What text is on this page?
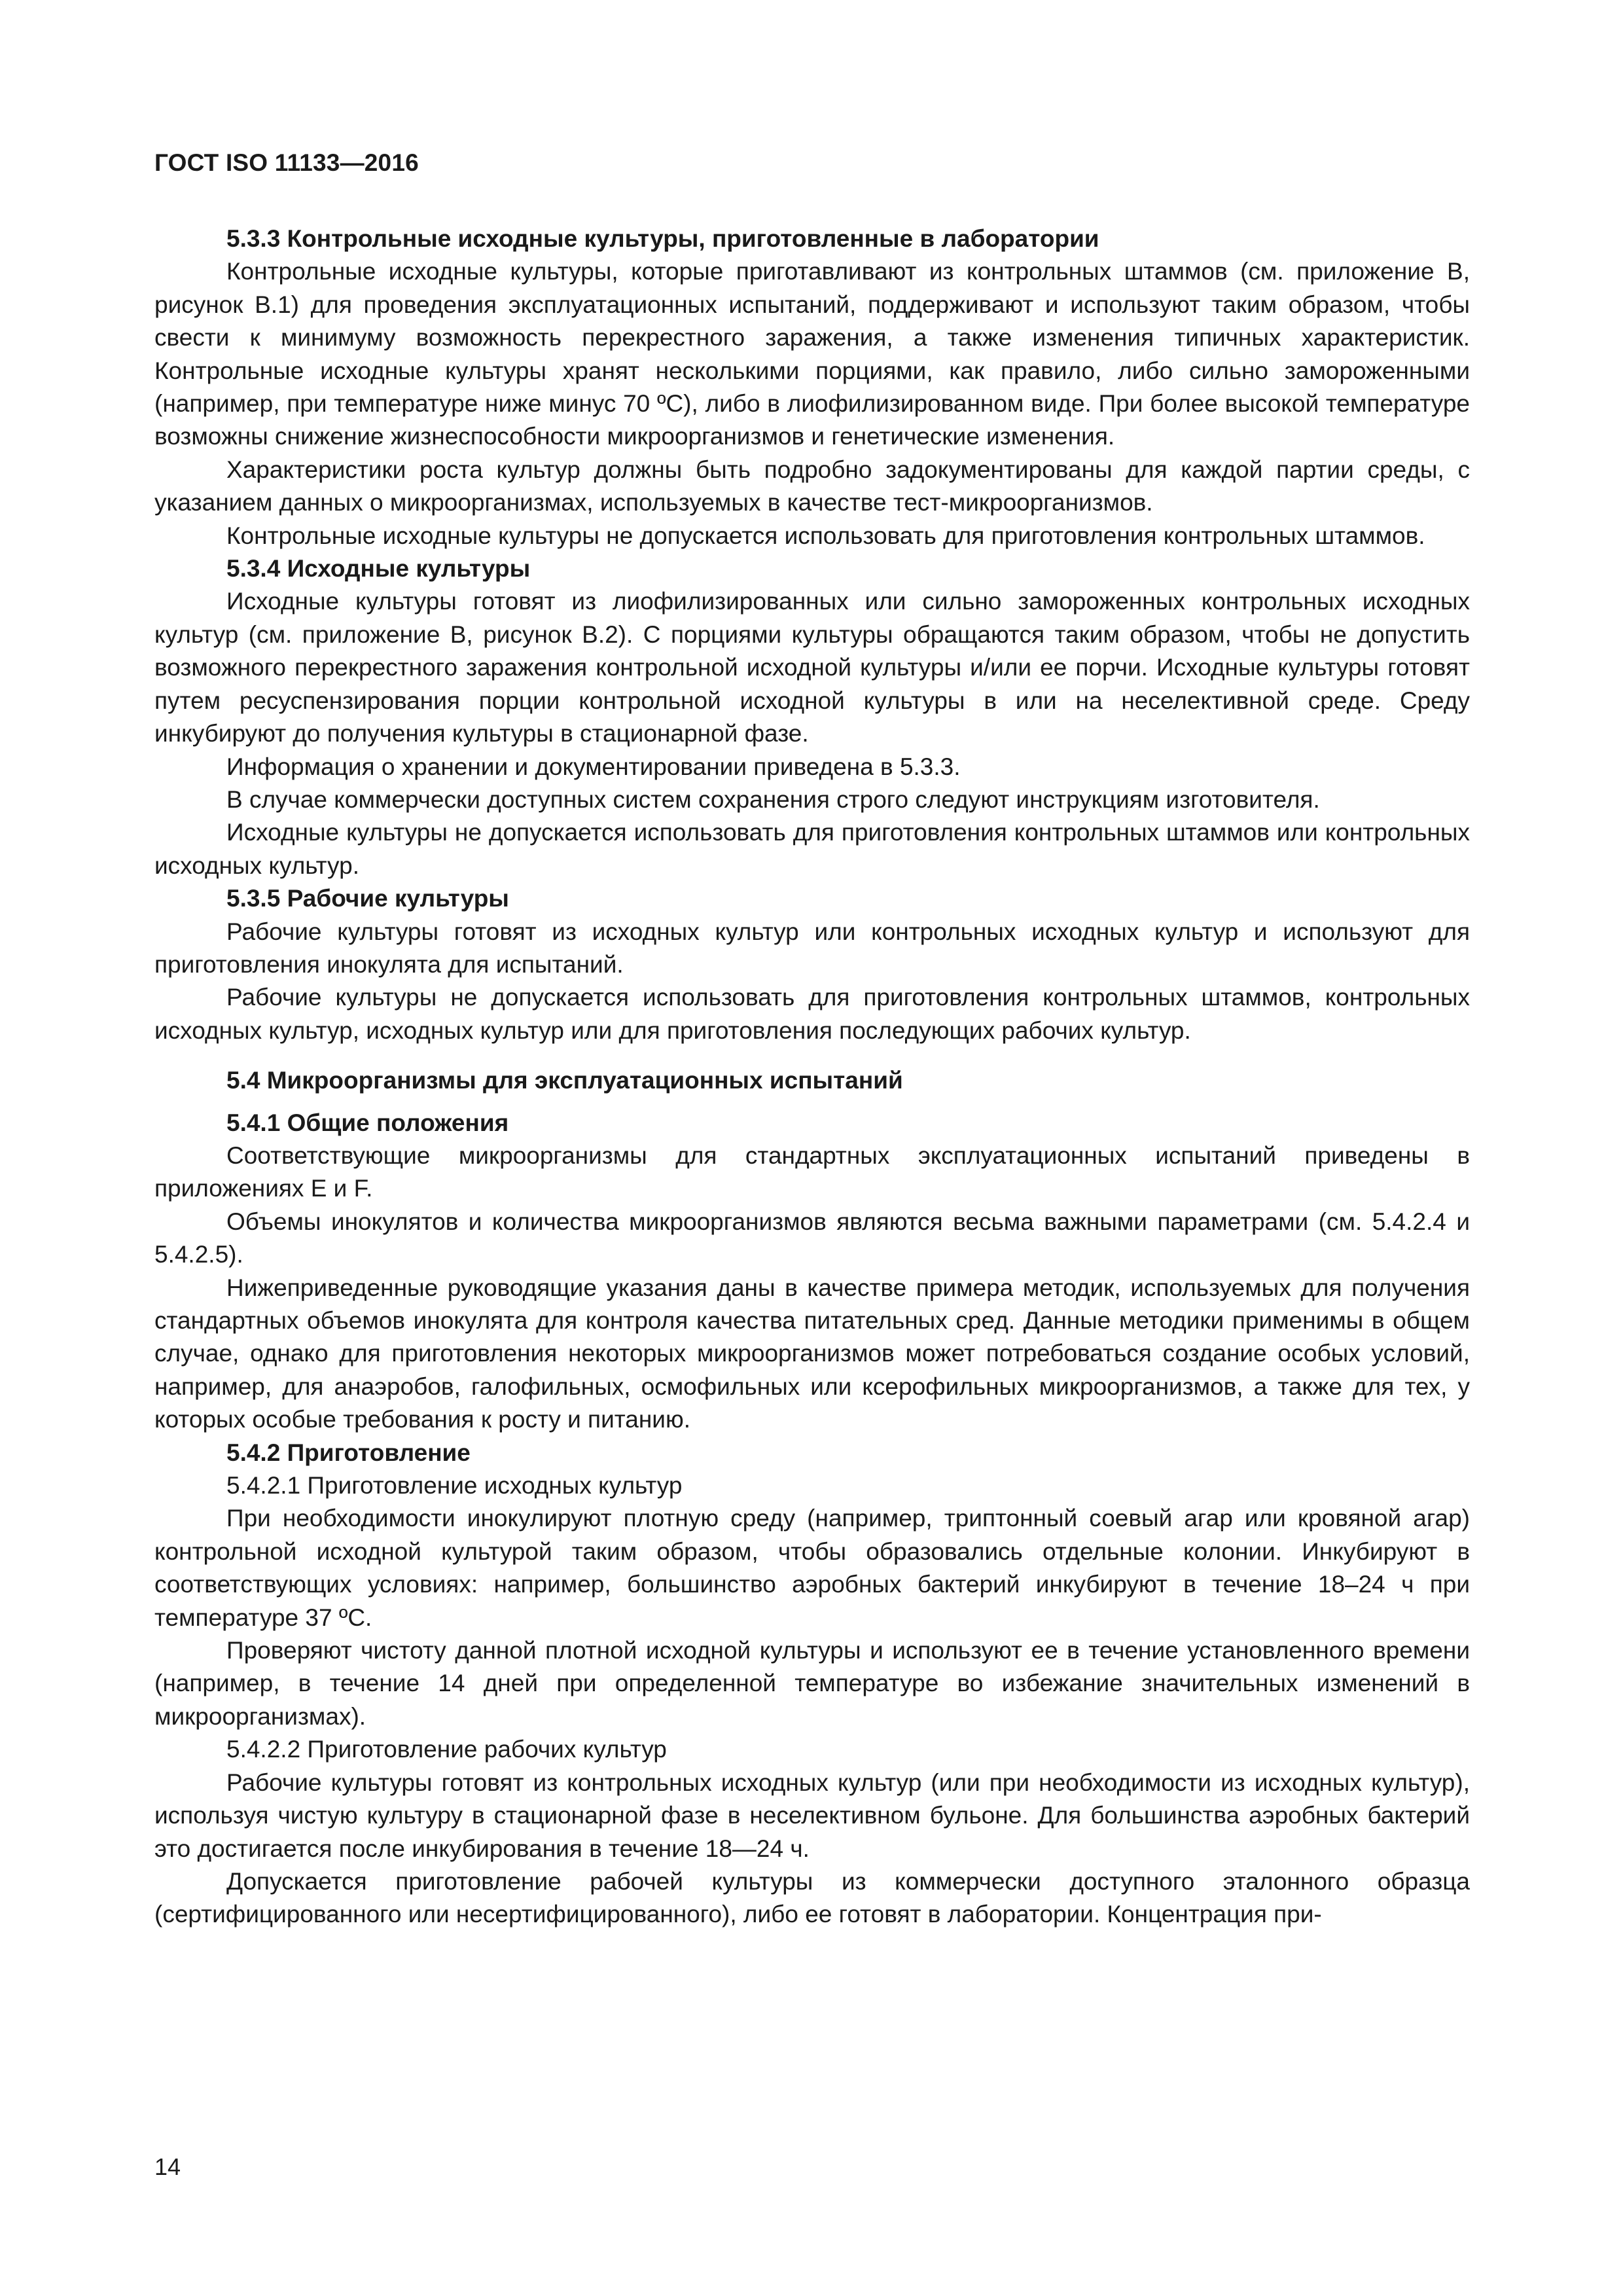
ГОСТ ISO 11133—2016

5.3.3 Контрольные исходные культуры, приготовленные в лаборатории

Контрольные исходные культуры, которые приготавливают из контрольных штаммов (см. приложение В, рисунок В.1) для проведения эксплуатационных испытаний, поддерживают и используют таким образом, чтобы свести к минимуму возможность перекрестного заражения, а также изменения типичных характеристик. Контрольные исходные культуры хранят несколькими порциями, как правило, либо сильно замороженными (например, при температуре ниже минус 70 ºС), либо в лиофилизированном виде. При более высокой температуре возможны снижение жизнеспособности микроорганизмов и генетические изменения.

Характеристики роста культур должны быть подробно задокументированы для каждой партии среды, с указанием данных о микроорганизмах, используемых в качестве тест-микроорганизмов.

Контрольные исходные культуры не допускается использовать для приготовления контрольных штаммов.

5.3.4 Исходные культуры

Исходные культуры готовят из лиофилизированных или сильно замороженных контрольных исходных культур (см. приложение В, рисунок В.2). С порциями культуры обращаются таким образом, чтобы не допустить возможного перекрестного заражения контрольной исходной культуры и/или ее порчи. Исходные культуры готовят путем ресуспензирования порции контрольной исходной культуры в или на неселективной среде. Среду инкубируют до получения культуры в стационарной фазе.

Информация о хранении и документировании приведена в 5.3.3.

В случае коммерчески доступных систем сохранения строго следуют инструкциям изготовителя.

Исходные культуры не допускается использовать для приготовления контрольных штаммов или контрольных исходных культур.

5.3.5 Рабочие культуры

Рабочие культуры готовят из исходных культур или контрольных исходных культур и используют для приготовления инокулята для испытаний.

Рабочие культуры не допускается использовать для приготовления контрольных штаммов, контрольных исходных культур, исходных культур или для приготовления последующих рабочих культур.

5.4 Микроорганизмы для эксплуатационных испытаний

5.4.1 Общие положения

Соответствующие микроорганизмы для стандартных эксплуатационных испытаний приведены в приложениях Е и F.

Объемы инокулятов и количества микроорганизмов являются весьма важными параметрами (см. 5.4.2.4 и 5.4.2.5).

Нижеприведенные руководящие указания даны в качестве примера методик, используемых для получения стандартных объемов инокулята для контроля качества питательных сред. Данные методики применимы в общем случае, однако для приготовления некоторых микроорганизмов может потребоваться создание особых условий, например, для анаэробов, галофильных, осмофильных или ксерофильных микроорганизмов, а также для тех, у которых особые требования к росту и питанию.

5.4.2 Приготовление

5.4.2.1 Приготовление исходных культур

При необходимости инокулируют плотную среду (например, триптонный соевый агар или кровяной агар) контрольной исходной культурой таким образом, чтобы образовались отдельные колонии. Инкубируют в соответствующих условиях: например, большинство аэробных бактерий инкубируют в течение 18–24 ч при температуре 37 ºС.

Проверяют чистоту данной плотной исходной культуры и используют ее в течение установленного времени (например, в течение 14 дней при определенной температуре во избежание значительных изменений в микроорганизмах).

5.4.2.2 Приготовление рабочих культур

Рабочие культуры готовят из контрольных исходных культур (или при необходимости из исходных культур), используя чистую культуру в стационарной фазе в неселективном бульоне. Для большинства аэробных бактерий это достигается после инкубирования в течение 18—24 ч.

Допускается приготовление рабочей культуры из коммерчески доступного эталонного образца (сертифицированного или несертифицированного), либо ее готовят в лаборатории. Концентрация при-

14
